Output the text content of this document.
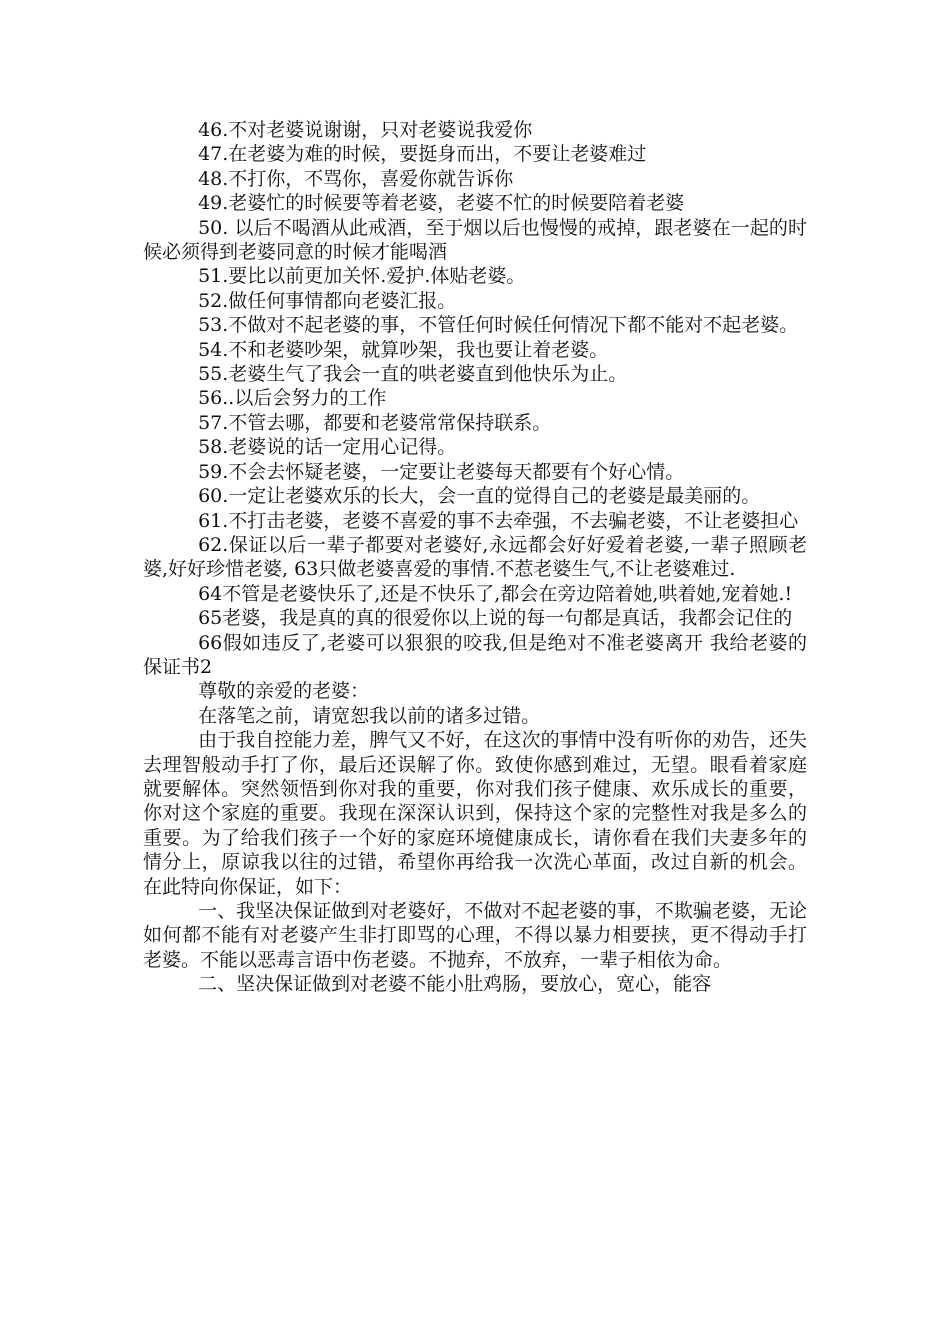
46.不对老婆说谢谢，只对老婆说我爱你

47.在老婆为难的时候，要挺身而出，不要让老婆难过

48.不打你，不骂你，喜爱你就告诉你

49.老婆忙的时候要等着老婆，老婆不忙的时候要陪着老婆

50. 以后不喝酒从此戒酒，至于烟以后也慢慢的戒掉，跟老婆在一起的时候必须得到老婆同意的时候才能喝酒

51.要比以前更加关怀.爱护.体贴老婆。

52.做任何事情都向老婆汇报。

53.不做对不起老婆的事，不管任何时候任何情况下都不能对不起老婆。

54.不和老婆吵架，就算吵架，我也要让着老婆。

55.老婆生气了我会一直的哄老婆直到他快乐为止。

56..以后会努力的工作

57.不管去哪，都要和老婆常常保持联系。

58.老婆说的话一定用心记得。

59.不会去怀疑老婆，一定要让老婆每天都要有个好心情。

60.一定让老婆欢乐的长大，会一直的觉得自己的老婆是最美丽的。

61.不打击老婆，老婆不喜爱的事不去牵强，不去骗老婆，不让老婆担心

62.保证以后一辈子都要对老婆好,永远都会好好爱着老婆,一辈子照顾老婆,好好珍惜老婆, 63只做老婆喜爱的事情.不惹老婆生气,不让老婆难过.

64不管是老婆快乐了,还是不快乐了,都会在旁边陪着她,哄着她,宠着她.!

65老婆，我是真的真的很爱你以上说的每一句都是真话，我都会记住的

66假如违反了,老婆可以狠狠的咬我,但是绝对不准老婆离开 我给老婆的保证书2

尊敬的亲爱的老婆：

在落笔之前，请宽恕我以前的诸多过错。

由于我自控能力差，脾气又不好，在这次的事情中没有听你的劝告，还失去理智般动手打了你，最后还误解了你。致使你感到难过，无望。眼看着家庭就要解体。突然领悟到你对我的重要，你对我们孩子健康、欢乐成长的重要，你对这个家庭的重要。我现在深深认识到，保持这个家的完整性对我是多么的重要。为了给我们孩子一个好的家庭环境健康成长，请你看在我们夫妻多年的情分上，原谅我以往的过错，希望你再给我一次洗心革面，改过自新的机会。在此特向你保证，如下：

一、我坚决保证做到对老婆好，不做对不起老婆的事，不欺骗老婆，无论如何都不能有对老婆产生非打即骂的心理，不得以暴力相要挟，更不得动手打老婆。不能以恶毒言语中伤老婆。不抛弃，不放弃，一辈子相依为命。

二、坚决保证做到对老婆不能小肚鸡肠，要放心，宽心，能容
